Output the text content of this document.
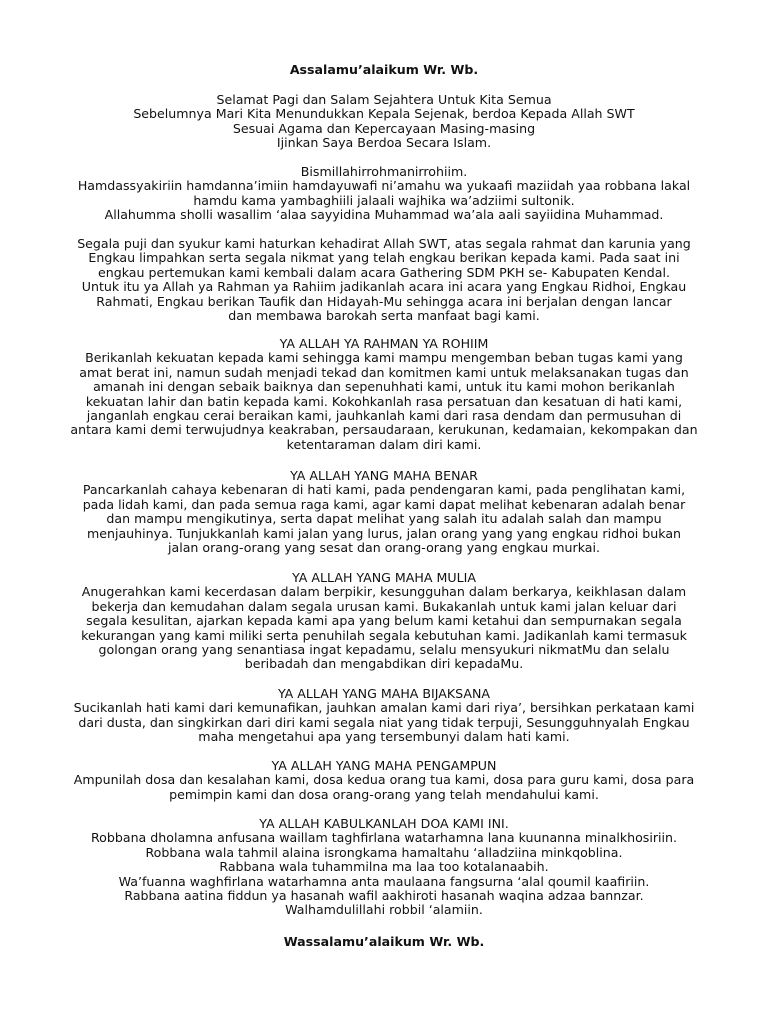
Assalamu’alaikum Wr. Wb.
Selamat Pagi dan Salam Sejahtera Untuk Kita Semua
Sebelumnya Mari Kita Menundukkan Kepala Sejenak, berdoa Kepada Allah SWT
Sesuai Agama dan Kepercayaan Masing-masing
Ijinkan Saya Berdoa Secara Islam.
Bismillahirrohmanirrohiim.
Hamdassyakiriin hamdanna’imiin hamdayuwafi ni’amahu wa yukaafi maziidah yaa robbana lakal
hamdu kama yambaghiili jalaali wajhika wa’adziimi sultonik.
Allahumma sholli wasallim ‘alaa sayyidina Muhammad wa’ala aali sayiidina Muhammad.
Segala puji dan syukur kami haturkan kehadirat Allah SWT, atas segala rahmat dan karunia yang
Engkau limpahkan serta segala nikmat yang telah engkau berikan kepada kami. Pada saat ini
engkau pertemukan kami kembali dalam acara Gathering SDM PKH se- Kabupaten Kendal.
Untuk itu ya Allah ya Rahman ya Rahiim jadikanlah acara ini acara yang Engkau Ridhoi, Engkau
Rahmati, Engkau berikan Taufik dan Hidayah-Mu sehingga acara ini berjalan dengan lancar
dan membawa barokah serta manfaat bagi kami.
YA ALLAH YA RAHMAN YA ROHIIM
Berikanlah kekuatan kepada kami sehingga kami mampu mengemban beban tugas kami yang
amat berat ini, namun sudah menjadi tekad dan komitmen kami untuk melaksanakan tugas dan
amanah ini dengan sebaik baiknya dan sepenuhhati kami, untuk itu kami mohon berikanlah
kekuatan lahir dan batin kepada kami. Kokohkanlah rasa persatuan dan kesatuan di hati kami,
janganlah engkau cerai beraikan kami, jauhkanlah kami dari rasa dendam dan permusuhan di
antara kami demi terwujudnya keakraban, persaudaraan, kerukunan, kedamaian, kekompakan dan
ketentaraman dalam diri kami.
YA ALLAH YANG MAHA BENAR
Pancarkanlah cahaya kebenaran di hati kami, pada pendengaran kami, pada penglihatan kami,
pada lidah kami, dan pada semua raga kami, agar kami dapat melihat kebenaran adalah benar
dan mampu mengikutinya, serta dapat melihat yang salah itu adalah salah dan mampu
menjauhinya. Tunjukkanlah kami jalan yang lurus, jalan orang yang yang engkau ridhoi bukan
jalan orang-orang yang sesat dan orang-orang yang engkau murkai.
YA ALLAH YANG MAHA MULIA
Anugerahkan kami kecerdasan dalam berpikir, kesungguhan dalam berkarya, keikhlasan dalam
bekerja dan kemudahan dalam segala urusan kami. Bukakanlah untuk kami jalan keluar dari
segala kesulitan, ajarkan kepada kami apa yang belum kami ketahui dan sempurnakan segala
kekurangan yang kami miliki serta penuhilah segala kebutuhan kami. Jadikanlah kami termasuk
golongan orang yang senantiasa ingat kepadamu, selalu mensyukuri nikmatMu dan selalu
beribadah dan mengabdikan diri kepadaMu.
YA ALLAH YANG MAHA BIJAKSANA
Sucikanlah hati kami dari kemunafikan, jauhkan amalan kami dari riya’, bersihkan perkataan kami
dari dusta, dan singkirkan dari diri kami segala niat yang tidak terpuji, Sesungguhnyalah Engkau
maha mengetahui apa yang tersembunyi dalam hati kami.
YA ALLAH YANG MAHA PENGAMPUN
Ampunilah dosa dan kesalahan kami, dosa kedua orang tua kami, dosa para guru kami, dosa para
pemimpin kami dan dosa orang-orang yang telah mendahului kami.
YA ALLAH KABULKANLAH DOA KAMI INI.
Robbana dholamna anfusana waillam taghfirlana watarhamna lana kuunanna minalkhosiriin.
Robbana wala tahmil alaina isrongkama hamaltahu ‘alladziina minkqoblina.
Rabbana wala tuhammilna ma laa too kotalanaabih.
Wa’fuanna waghfirlana watarhamna anta maulaana fangsurna ‘alal qoumil kaafiriin.
Rabbana aatina fiddun ya hasanah wafil aakhiroti hasanah waqina adzaa bannzar.
Walhamdulillahi robbil ‘alamiin.
Wassalamu’alaikum Wr. Wb.
